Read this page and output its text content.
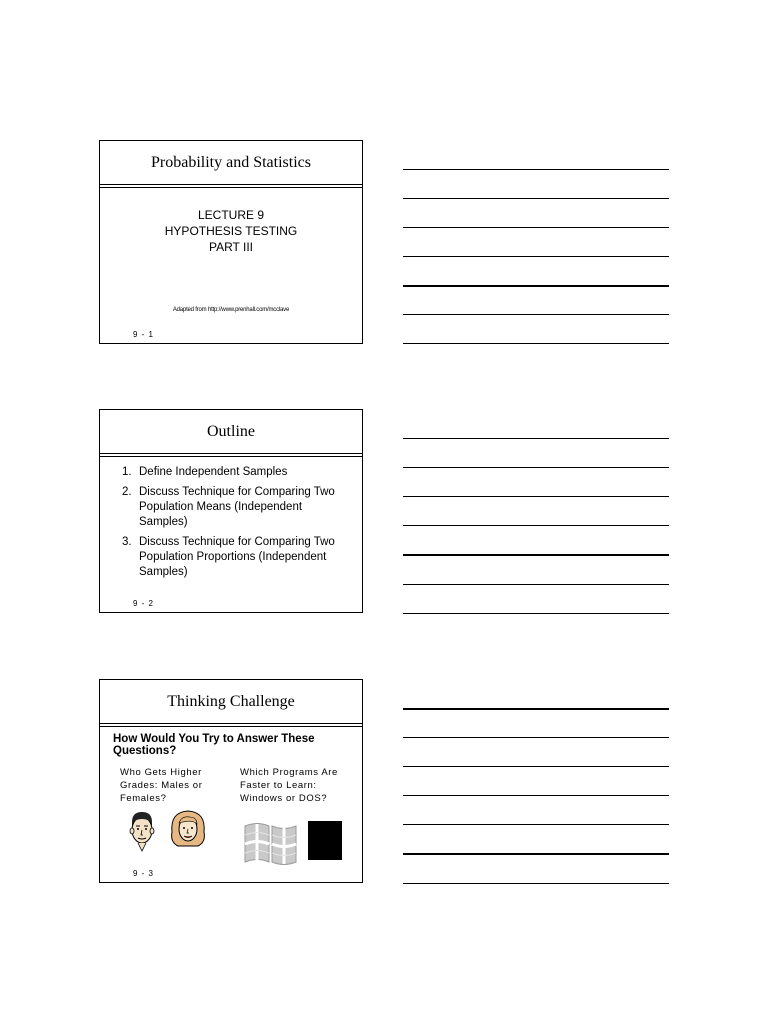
Probability and Statistics
LECTURE 9
HYPOTHESIS TESTING
PART III
Adapted from http://www.prenhall.com/mcclave
9 - 1
Outline
1. Define Independent Samples
2. Discuss Technique for Comparing Two Population Means (Independent Samples)
3. Discuss Technique for Comparing Two Population Proportions (Independent Samples)
9 - 2
Thinking Challenge
How Would You Try to Answer These Questions?
Who Gets Higher
Grades: Males or
Females?
Which Programs Are
Faster to Learn:
Windows or DOS?
9 - 3
